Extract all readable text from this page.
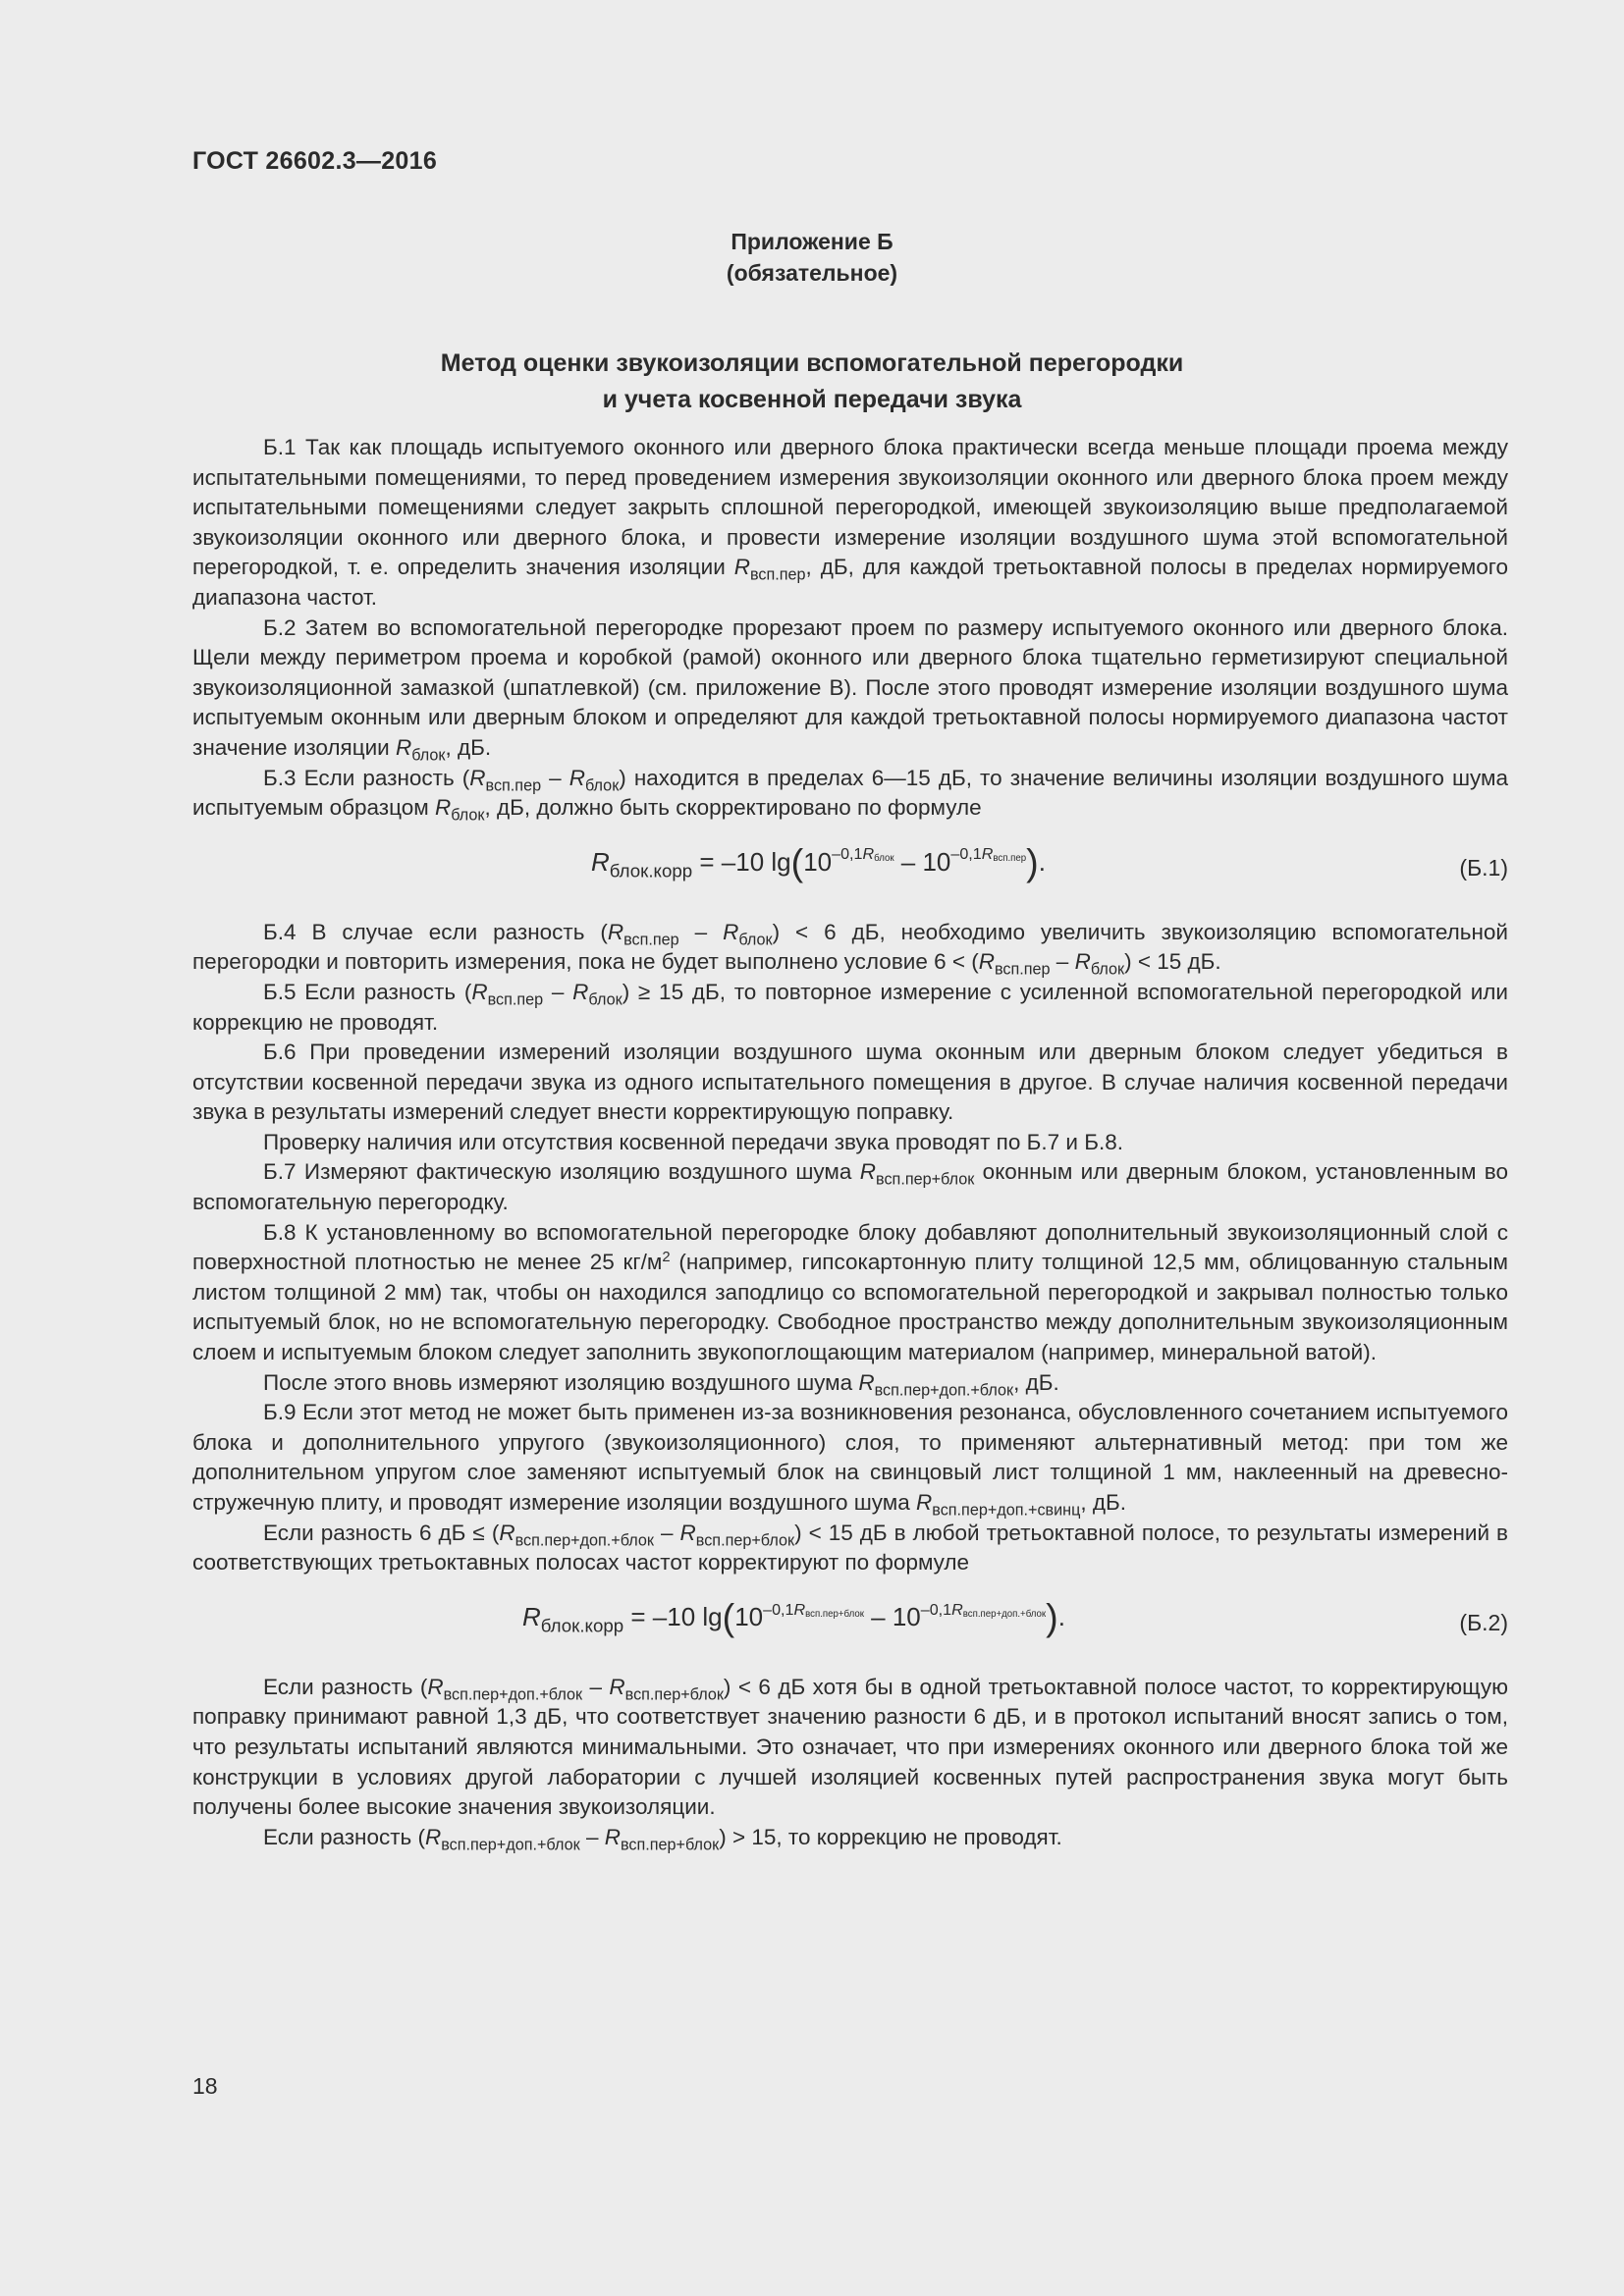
ГОСТ 26602.3—2016
Приложение Б
(обязательное)
Метод оценки звукоизоляции вспомогательной перегородки
и учета косвенной передачи звука

Б.1 Так как площадь испытуемого оконного или дверного блока практически всегда меньше площади проема между испытательными помещениями, то перед проведением измерения звукоизоляции оконного или дверного блока проем между испытательными помещениями следует закрыть сплошной перегородкой, имеющей звукоизоляцию выше предполагаемой звукоизоляции оконного или дверного блока, и провести измерение изоляции воздушного шума этой вспомогательной перегородкой, т. е. определить значения изоляции $R_{всп.пер}$, дБ, для каждой третьоктавной полосы в пределах нормируемого диапазона частот.

Б.2 Затем во вспомогательной перегородке прорезают проем по размеру испытуемого оконного или дверного блока. Щели между периметром проема и коробкой (рамой) оконного или дверного блока тщательно герметизируют специальной звукоизоляционной замазкой (шпатлевкой) (см. приложение В). После этого проводят измерение изоляции воздушного шума испытуемым оконным или дверным блоком и определяют для каждой третьоктавной полосы нормируемого диапазона частот значение изоляции $R_{блок}$, дБ.

Б.3 Если разность $(R_{всп.пер} - R_{блок})$ находится в пределах 6—15 дБ, то значение величины изоляции воздушного шума испытуемым образцом $R_{блок}$, дБ, должно быть скорректировано по формуле

$R_{блок.корр} = -10$ $\lg(10^{-0,1Rблок} - 10^{-0,1Rвсп.пер})$.	(Б.1)

Б.4 В случае если разность $(R_{всп.пер} - R_{блок}) < 6$ дБ, необходимо увеличить звукоизоляцию вспомогательной перегородки и повторить измерения, пока не будет выполнено условие $6 < (R_{всп.пер} - R_{блок}) < 15$ дБ.

Б.5 Если разность $(R_{всп.пер} - R_{блок}) \ge 15$ дБ, то повторное измерение с усиленной вспомогательной перегородкой или коррекцию не проводят.

Б.6 При проведении измерений изоляции воздушного шума оконным или дверным блоком следует убедиться в отсутствии косвенной передачи звука из одного испытательного помещения в другое. В случае наличия косвенной передачи звука в результаты измерений следует внести корректирующую поправку.

Проверку наличия или отсутствия косвенной передачи звука проводят по Б.7 и Б.8.

Б.7 Измеряют фактическую изоляцию воздушного шума $R_{всп.пер+блок}$ оконным или дверным блоком, установленным во вспомогательную перегородку.

Б.8 К установленному во вспомогательной перегородке блоку добавляют дополнительный звукоизоляционный слой с поверхностной плотностью не менее 25 $кг/м^2$ (например, гипсокартонную плиту толщиной 12,5 мм, облицованную стальным листом толщиной 2 мм) так, чтобы он находился заподлицо со вспомогательной перегородкой и закрывал полностью только испытуемый блок, но не вспомогательную перегородку. Свободное пространство между дополнительным звукоизоляционным слоем и испытуемым блоком следует заполнить звукопоглощающим материалом (например, минеральной ватой).

После этого вновь измеряют изоляцию воздушного шума $R_{всп.пер+доп.+блок}$, дБ.

Б.9 Если этот метод не может быть применен из-за возникновения резонанса, обусловленного сочетанием испытуемого блока и дополнительного упругого (звукоизоляционного) слоя, то применяют альтернативный метод: при том же дополнительном упругом слое заменяют испытуемый блок на свинцовый лист толщиной 1 мм, наклеенный на древесно-стружечную плиту, и проводят измерение изоляции воздушного шума $R_{всп.пер+доп.+свинц}$, дБ.

Если разность 6 дБ ≤ $(R_{всп.пер+доп.+блок} - R_{всп.пер+блок}) < 15$ дБ в любой третьоктавной полосе, то результаты измерений в соответствующих третьоктавных полосах частот корректируют по формуле

$R_{блок.корр} = -10$ $\lg(10^{-0,1Rвсп.пер+блок} - 10^{-0,1Rвсп.пер+доп.+блок})$.	(Б.2)

Если разность $(R_{всп.пер+доп.+блок} - R_{всп.пер+блок}) < 6$ дБ хотя бы в одной третьоктавной полосе частот, то корректирующую поправку принимают равной 1,3 дБ, что соответствует значению разности 6 дБ, и в протокол испытаний вносят запись о том, что результаты испытаний являются минимальными. Это означает, что при измерениях оконного или дверного блока той же конструкции в условиях другой лаборатории с лучшей изоляцией косвенных путей распространения звука могут быть получены более высокие значения звукоизоляции.

Если разность $(R_{всп.пер+доп.+блок} - R_{всп.пер+блок}) > 15$, то коррекцию не проводят.

18
